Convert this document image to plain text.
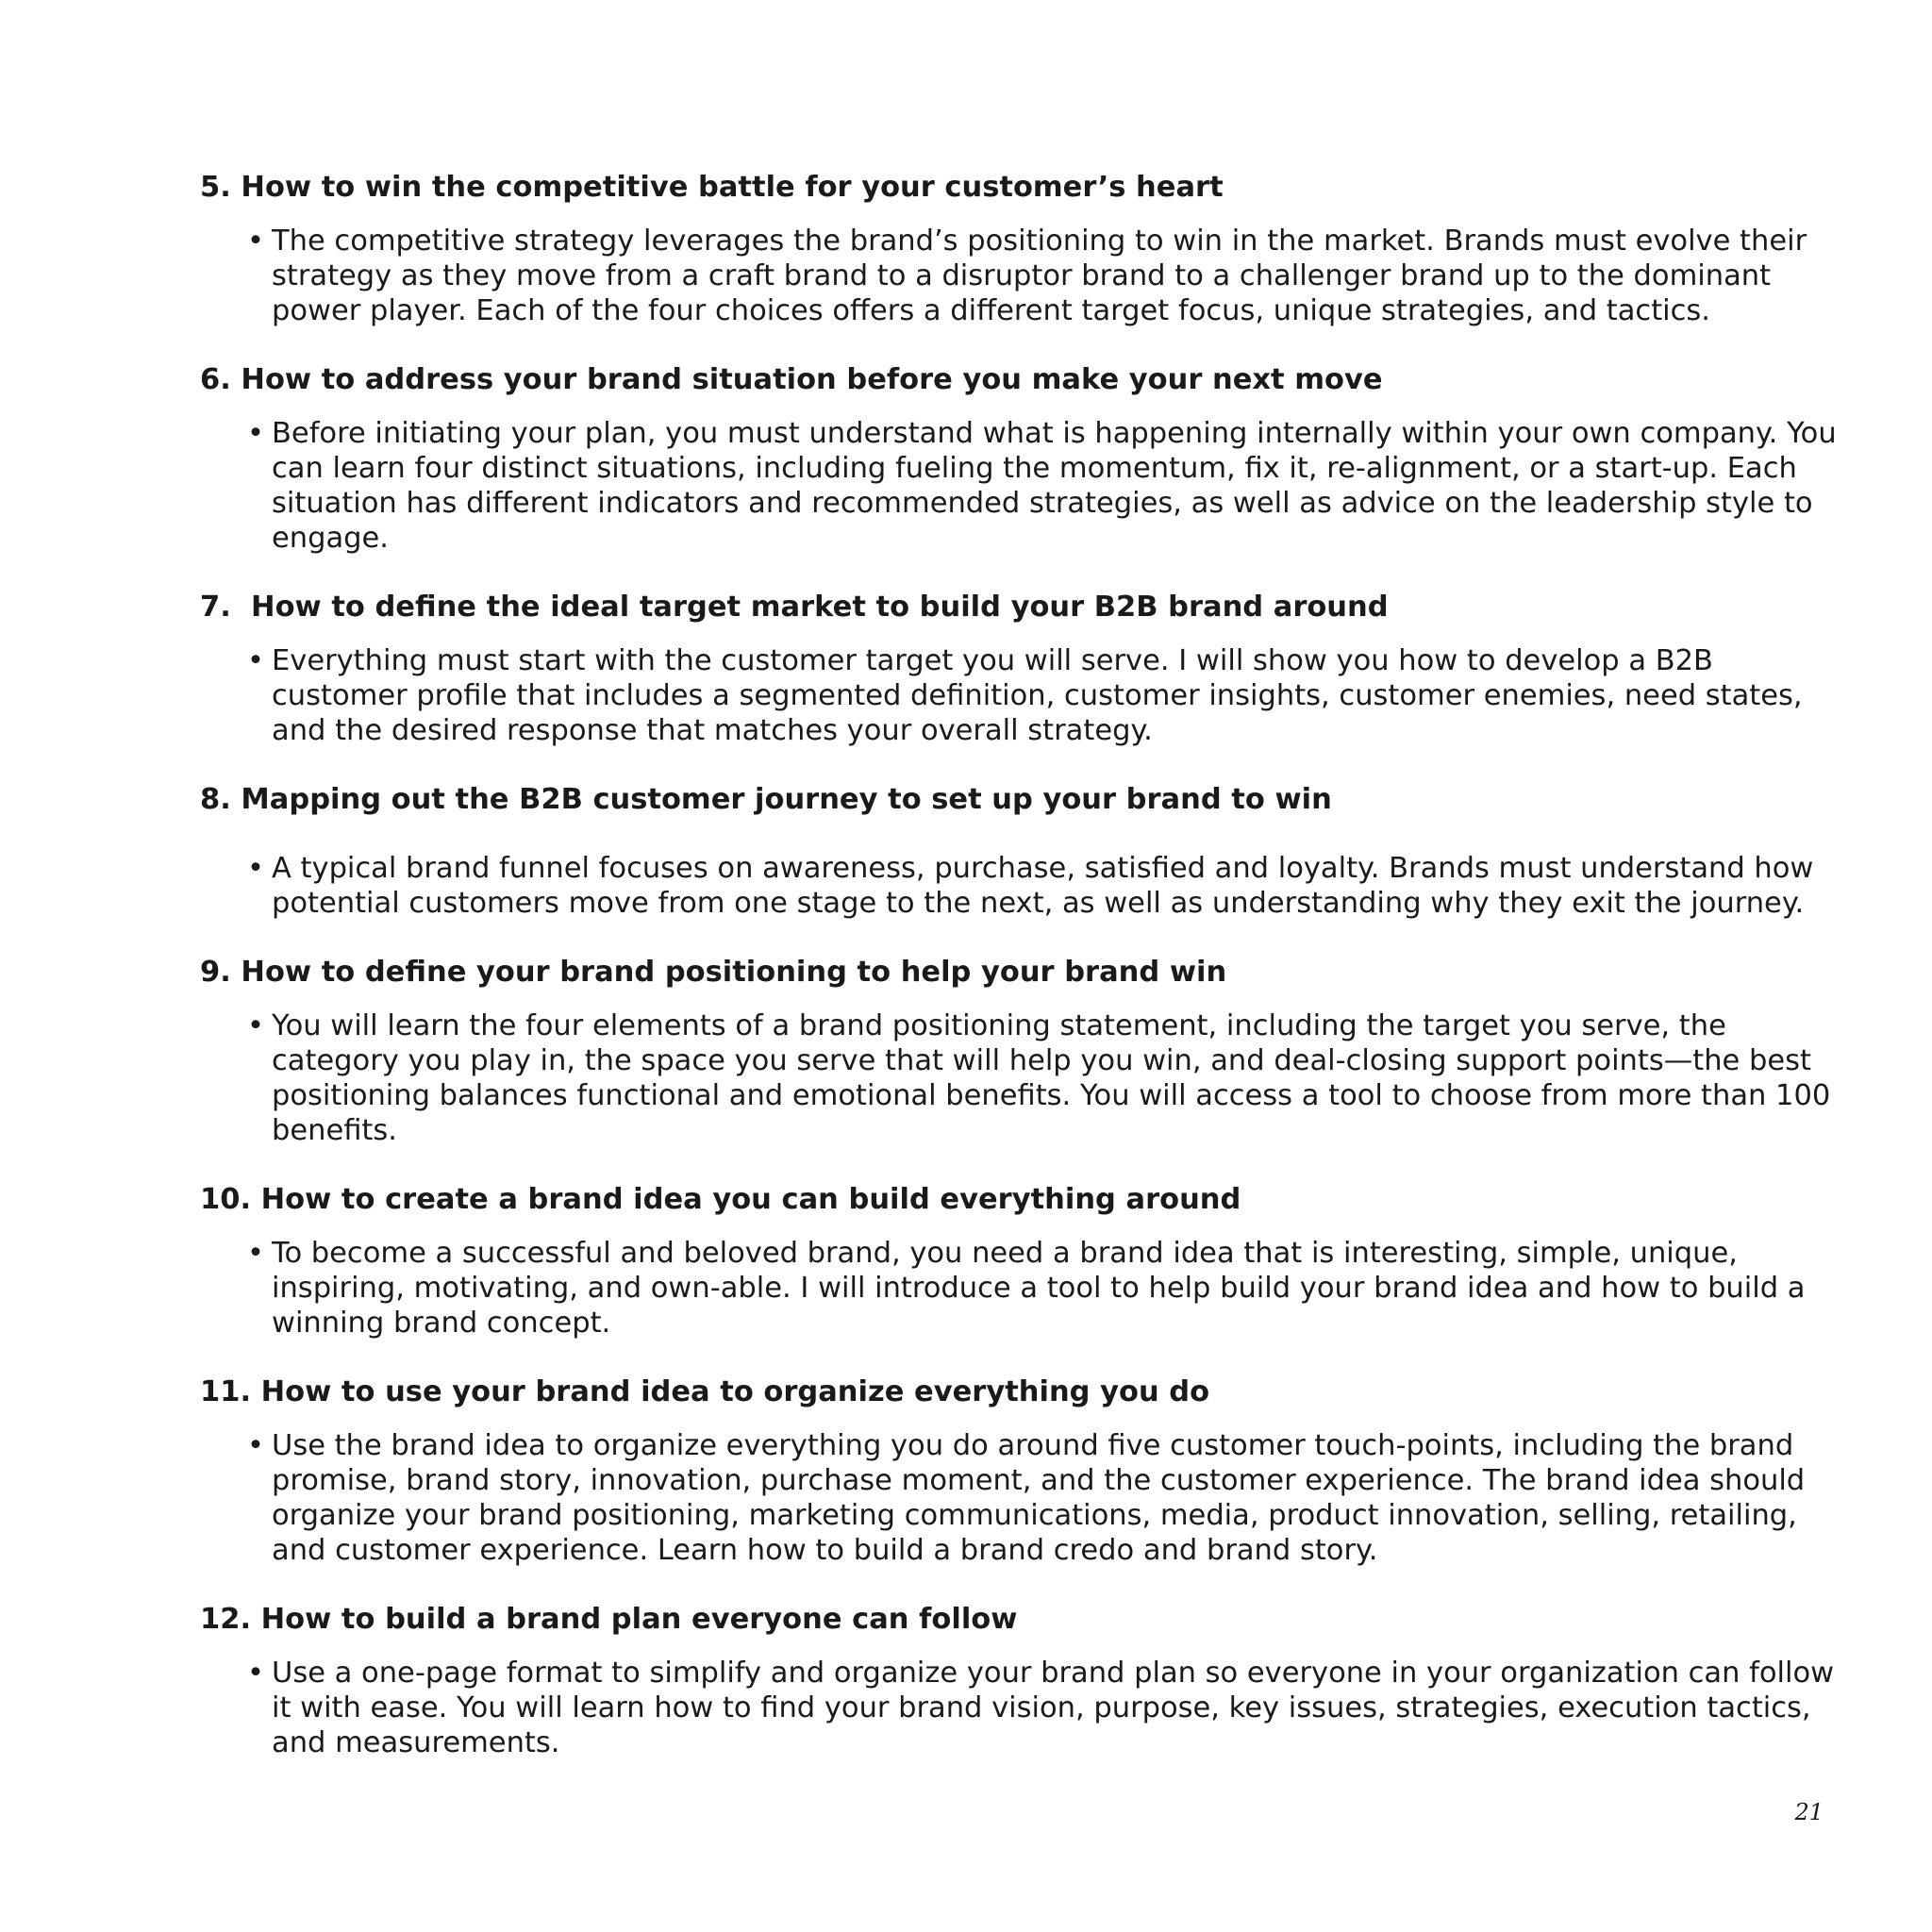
5. How to win the competitive battle for your customer’s heart
• The competitive strategy leverages the brand’s positioning to win in the market. Brands must evolve their strategy as they move from a craft brand to a disruptor brand to a challenger brand up to the dominant power player. Each of the four choices offers a different target focus, unique strategies, and tactics.
6. How to address your brand situation before you make your next move
• Before initiating your plan, you must understand what is happening internally within your own company. You can learn four distinct situations, including fueling the momentum, fix it, re-alignment, or a start-up. Each situation has different indicators and recommended strategies, as well as advice on the leadership style to engage.
7.  How to define the ideal target market to build your B2B brand around
• Everything must start with the customer target you will serve. I will show you how to develop a B2B customer profile that includes a segmented definition, customer insights, customer enemies, need states, and the desired response that matches your overall strategy.
8. Mapping out the B2B customer journey to set up your brand to win
• A typical brand funnel focuses on awareness, purchase, satisfied and loyalty. Brands must understand how potential customers move from one stage to the next, as well as understanding why they exit the journey.
9. How to define your brand positioning to help your brand win
• You will learn the four elements of a brand positioning statement, including the target you serve, the category you play in, the space you serve that will help you win, and deal-closing support points—the best positioning balances functional and emotional benefits. You will access a tool to choose from more than 100 benefits.
10. How to create a brand idea you can build everything around
• To become a successful and beloved brand, you need a brand idea that is interesting, simple, unique, inspiring, motivating, and own-able. I will introduce a tool to help build your brand idea and how to build a winning brand concept.
11. How to use your brand idea to organize everything you do
• Use the brand idea to organize everything you do around five customer touch-points, including the brand promise, brand story, innovation, purchase moment, and the customer experience. The brand idea should organize your brand positioning, marketing communications, media, product innovation, selling, retailing, and customer experience. Learn how to build a brand credo and brand story.
12. How to build a brand plan everyone can follow
• Use a one-page format to simplify and organize your brand plan so everyone in your organization can follow it with ease. You will learn how to find your brand vision, purpose, key issues, strategies, execution tactics, and measurements.
21
